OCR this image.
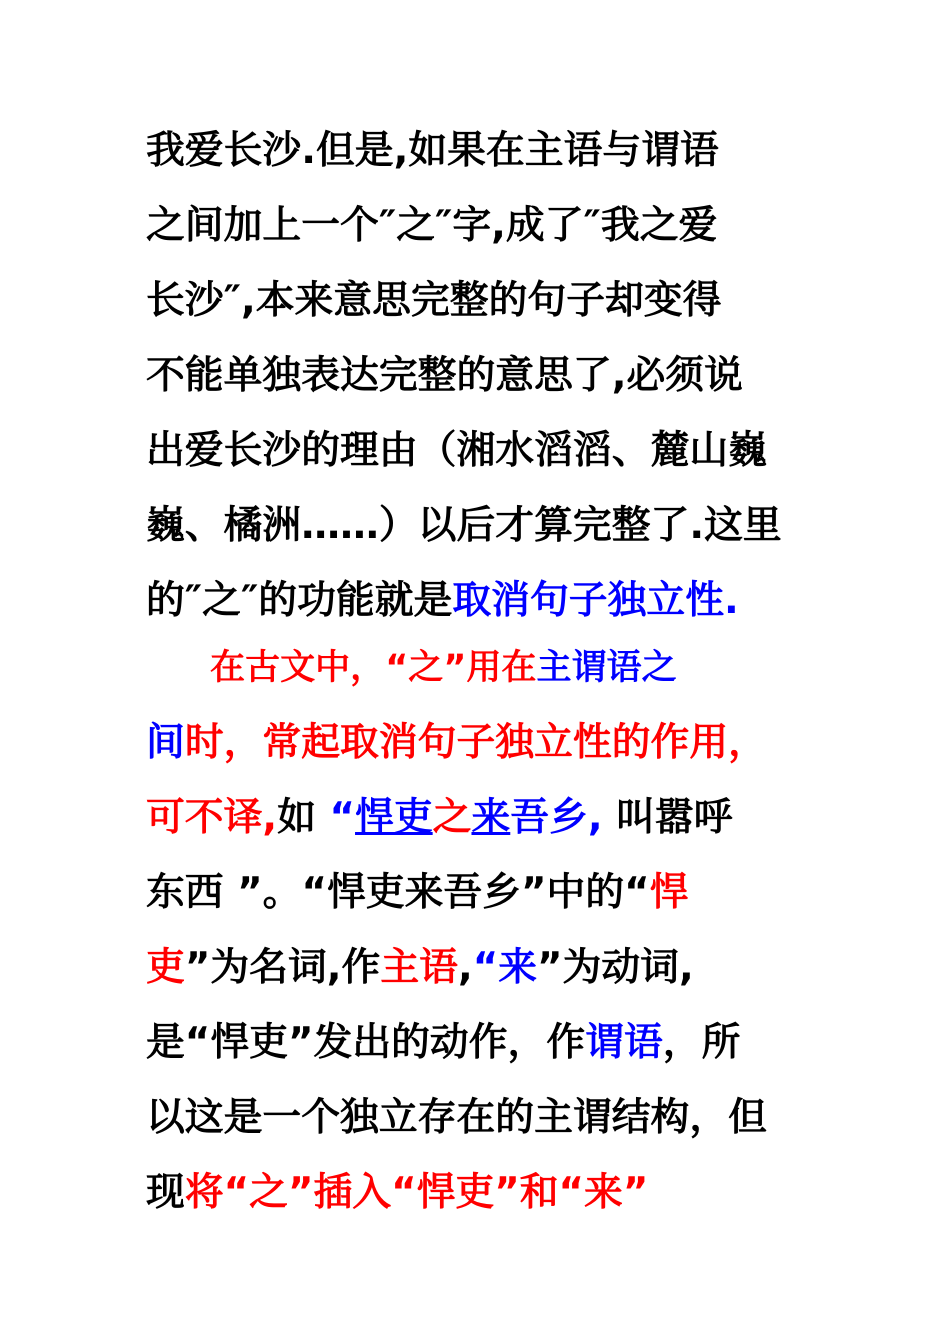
我爱长沙.但是,如果在主语与谓语
之间加上一个″之″字,成了″我之爱
长沙″,本来意思完整的句子却变得
不能单独表达完整的意思了,必须说
出爱长沙的理由（湘水滔滔、麓山巍
巍、橘洲……）以后才算完整了.这里
的″之″的功能就是取消句子独立性.
在古文中，“之”用在主谓语之
间时，常起取消句子独立性的作用，
可不译,如 “悍吏之来吾乡, 叫嚣呼
东西 ”。“悍吏来吾乡”中的“悍
吏”为名词,作主语,“来”为动词,
是“悍吏”发出的动作，作谓语，所
以这是一个独立存在的主谓结构，但
现将“之”插入“悍吏”和“来”
